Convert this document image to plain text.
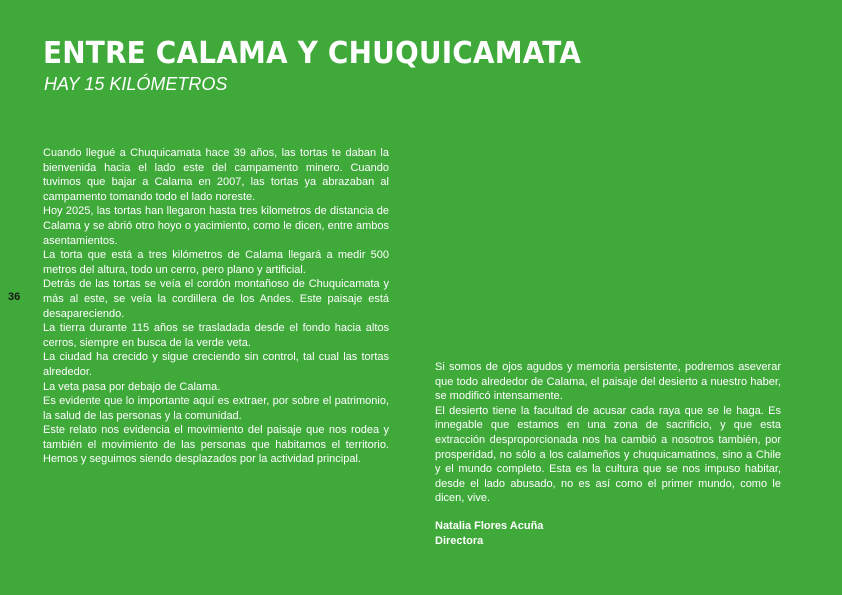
ENTRE CALAMA Y CHUQUICAMATA
HAY 15 KILÓMETROS
36

Cuando llegué a Chuquicamata hace 39 años, las tortas te daban la bienvenida hacia el lado este del campamento minero. Cuando tuvimos que bajar a Calama en 2007, las tortas ya abrazaban al campamento tomando todo el lado noreste.

Hoy 2025, las tortas han llegaron hasta tres kilometros de distancia de Calama y se abrió otro hoyo o yacimiento, como le dicen, entre ambos asentamientos.

La torta que está a tres kilómetros de Calama llegará a medir 500 metros del altura, todo un cerro, pero plano y artificial.

Detrás de las tortas se veía el cordón montañoso de Chuquicamata y más al este, se veía la cordillera de los Andes. Este paisaje está desapareciendo.

La tierra durante 115 años se trasladada desde el fondo hacia altos cerros, siempre en busca de la verde veta.

La ciudad ha crecido y sigue creciendo sin control, tal cual las tortas alrededor.

La veta pasa por debajo de Calama.

Es evidente que lo importante aquí es extraer, por sobre el patrimonio, la salud de las personas y la comunidad.

Este relato nos evidencia el movimiento del paisaje que nos rodea y también el movimiento de las personas que habitamos el territorio. Hemos y seguimos siendo desplazados por la actividad principal.

Si somos de ojos agudos y memoria persistente, podremos aseverar que todo alrededor de Calama, el paisaje del desierto a nuestro haber, se modificó intensamente.

El desierto tiene la facultad de acusar cada raya que se le haga. Es innegable que estamos en una zona de sacrificio, y que esta extracción desproporcionada nos ha cambió a nosotros también, por prosperidad, no sólo a los calameños y chuquicamatinos, sino a Chile y el mundo completo. Esta es la cultura que se nos impuso habitar, desde el lado abusado, no es así como el primer mundo, como le dicen, vive.

Natalia Flores Acuña
Directora
